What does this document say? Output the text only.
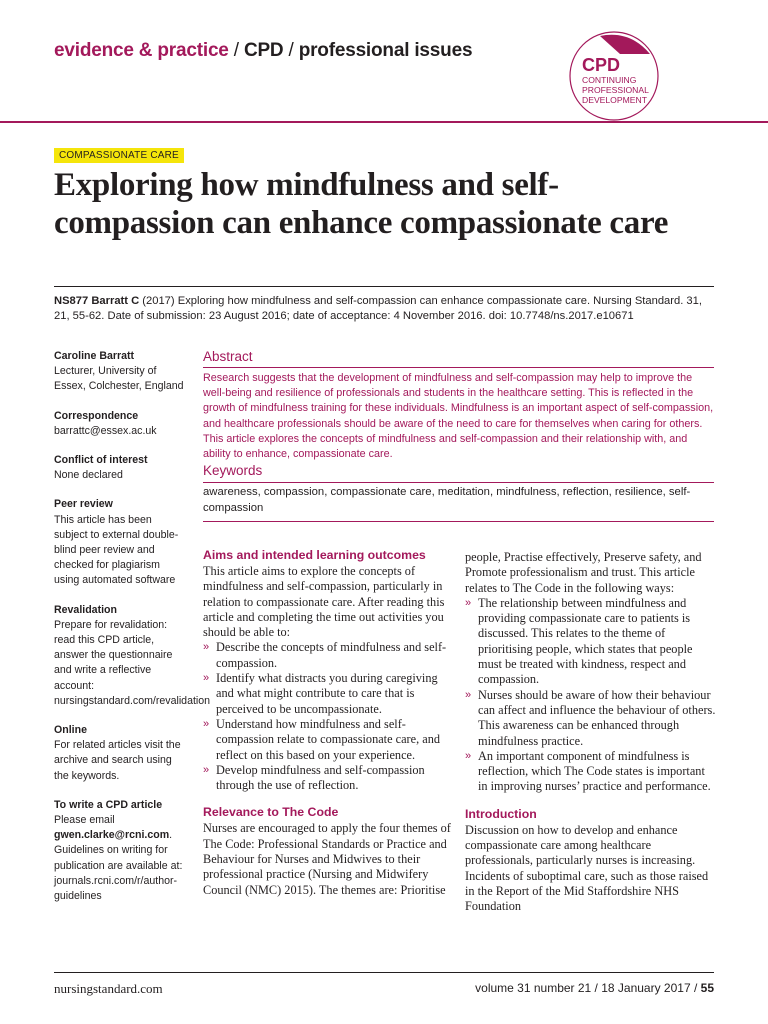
evidence & practice / CPD / professional issues
CPD
CONTINUING
PROFESSIONAL
DEVELOPMENT
COMPASSIONATE CARE
Exploring how mindfulness and self-compassion can enhance compassionate care
NS877 Barratt C (2017) Exploring how mindfulness and self-compassion can enhance compassionate care. Nursing Standard. 31, 21, 55-62. Date of submission: 23 August 2016; date of acceptance: 4 November 2016. doi: 10.7748/ns.2017.e10671
Caroline Barratt
Lecturer, University of Essex, Colchester, England
Correspondence
barrattc@essex.ac.uk
Conflict of interest
None declared
Peer review
This article has been subject to external double-blind peer review and checked for plagiarism using automated software
Revalidation
Prepare for revalidation: read this CPD article, answer the questionnaire and write a reflective account: nursingstandard.com/revalidation
Online
For related articles visit the archive and search using the keywords.
To write a CPD article
Please email gwen.clarke@rcni.com. Guidelines on writing for publication are available at: journals.rcni.com/r/author-guidelines
Abstract
Research suggests that the development of mindfulness and self-compassion may help to improve the well-being and resilience of professionals and students in the healthcare setting. This is reflected in the growth of mindfulness training for these individuals. Mindfulness is an important aspect of self-compassion, and healthcare professionals should be aware of the need to care for themselves when caring for others. This article explores the concepts of mindfulness and self-compassion and their relationship with, and ability to enhance, compassionate care.
Keywords
awareness, compassion, compassionate care, meditation, mindfulness, reflection, resilience, self-compassion
Aims and intended learning outcomes

This article aims to explore the concepts of mindfulness and self-compassion, particularly in relation to compassionate care. After reading this article and completing the time out activities you should be able to:

» Describe the concepts of mindfulness and self-compassion.
» Identify what distracts you during caregiving and what might contribute to care that is perceived to be uncompassionate.
» Understand how mindfulness and self-compassion relate to compassionate care, and reflect on this based on your experience.
» Develop mindfulness and self-compassion through the use of reflection.
Relevance to The Code

Nurses are encouraged to apply the four themes of The Code: Professional Standards or Practice and Behaviour for Nurses and Midwives to their professional practice (Nursing and Midwifery Council (NMC) 2015). The themes are: Prioritise

people, Practise effectively, Preserve safety, and Promote professionalism and trust. This article relates to The Code in the following ways:

» The relationship between mindfulness and providing compassionate care to patients is discussed. This relates to the theme of prioritising people, which states that people must be treated with kindness, respect and compassion.
» Nurses should be aware of how their behaviour can affect and influence the behaviour of others. This awareness can be enhanced through mindfulness practice.
» An important component of mindfulness is reflection, which The Code states is important in improving nurses’ practice and performance.
Introduction

Discussion on how to develop and enhance compassionate care among healthcare professionals, particularly nurses is increasing. Incidents of suboptimal care, such as those raised in the Report of the Mid Staffordshire NHS Foundation

nursingstandard.com	volume 31 number 21 / 18 January 2017 / 55
